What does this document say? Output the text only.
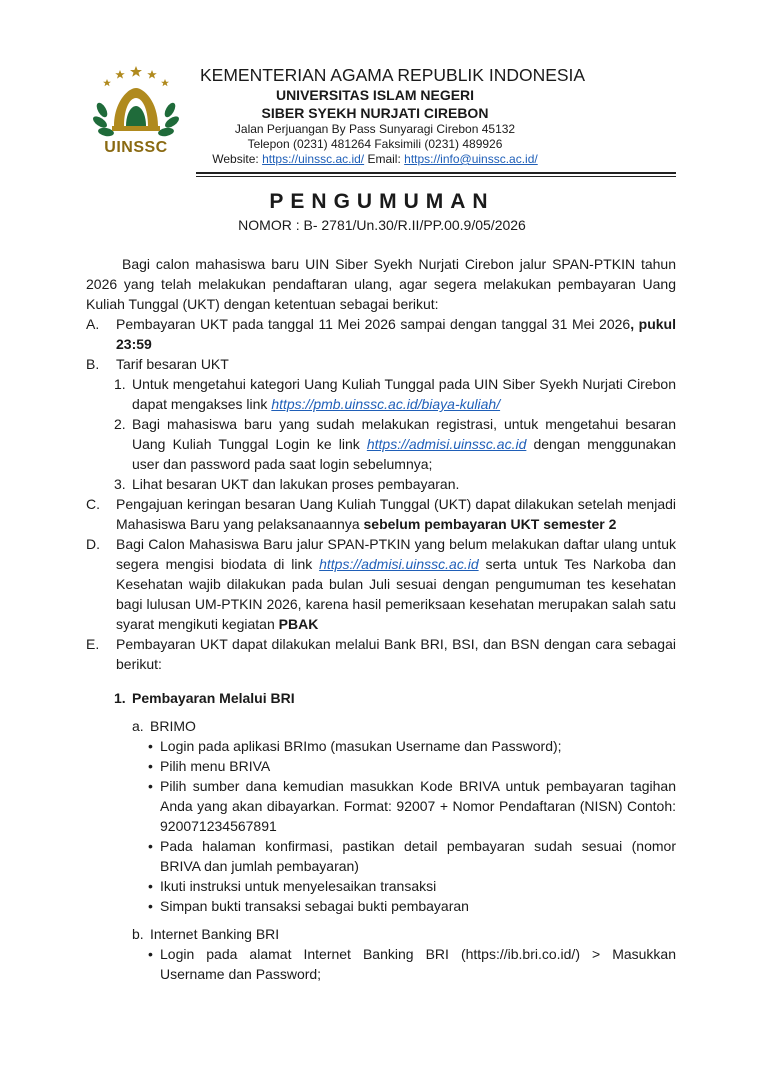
UINSSC
KEMENTERIAN AGAMA REPUBLIK INDONESIA
UNIVERSITAS ISLAM NEGERI
SIBER SYEKH NURJATI CIREBON
Jalan Perjuangan By Pass Sunyaragi Cirebon 45132
Telepon (0231) 481264 Faksimili (0231) 489926
Website: https://uinssc.ac.id/ Email: https://info@uinssc.ac.id/
PENGUMUMAN
NOMOR : B- 2781/Un.30/R.II/PP.00.9/05/2026

Bagi calon mahasiswa baru UIN Siber Syekh Nurjati Cirebon jalur SPAN-PTKIN tahun 2026 yang telah melakukan pendaftaran ulang, agar segera melakukan pembayaran Uang Kuliah Tunggal (UKT) dengan ketentuan sebagai berikut:

A. Pembayaran UKT pada tanggal 11 Mei 2026 sampai dengan tanggal 31 Mei 2026, pukul 23:59
B. Tarif besaran UKT
1. Untuk mengetahui kategori Uang Kuliah Tunggal pada UIN Siber Syekh Nurjati Cirebon dapat mengakses link https://pmb.uinssc.ac.id/biaya-kuliah/
2. Bagi mahasiswa baru yang sudah melakukan registrasi, untuk mengetahui besaran Uang Kuliah Tunggal Login ke link https://admisi.uinssc.ac.id dengan menggunakan user dan password pada saat login sebelumnya;
3. Lihat besaran UKT dan lakukan proses pembayaran.
C. Pengajuan keringan besaran Uang Kuliah Tunggal (UKT) dapat dilakukan setelah menjadi Mahasiswa Baru yang pelaksanaannya sebelum pembayaran UKT semester 2
D. Bagi Calon Mahasiswa Baru jalur SPAN-PTKIN yang belum melakukan daftar ulang untuk segera mengisi biodata di link https://admisi.uinssc.ac.id serta untuk Tes Narkoba dan Kesehatan wajib dilakukan pada bulan Juli sesuai dengan pengumuman tes kesehatan bagi lulusan UM-PTKIN 2026, karena hasil pemeriksaan kesehatan merupakan salah satu syarat mengikuti kegiatan PBAK
E. Pembayaran UKT dapat dilakukan melalui Bank BRI, BSI, dan BSN dengan cara sebagai berikut:
1. Pembayaran Melalui BRI
a. BRIMO
• Login pada aplikasi BRImo (masukan Username dan Password);
• Pilih menu BRIVA
• Pilih sumber dana kemudian masukkan Kode BRIVA untuk pembayaran tagihan Anda yang akan dibayarkan. Format: 92007 + Nomor Pendaftaran (NISN) Contoh: 920071234567891
• Pada halaman konfirmasi, pastikan detail pembayaran sudah sesuai (nomor BRIVA dan jumlah pembayaran)
• Ikuti instruksi untuk menyelesaikan transaksi
• Simpan bukti transaksi sebagai bukti pembayaran
b. Internet Banking BRI
• Login pada alamat Internet Banking BRI (https://ib.bri.co.id/) > Masukkan Username dan Password;
